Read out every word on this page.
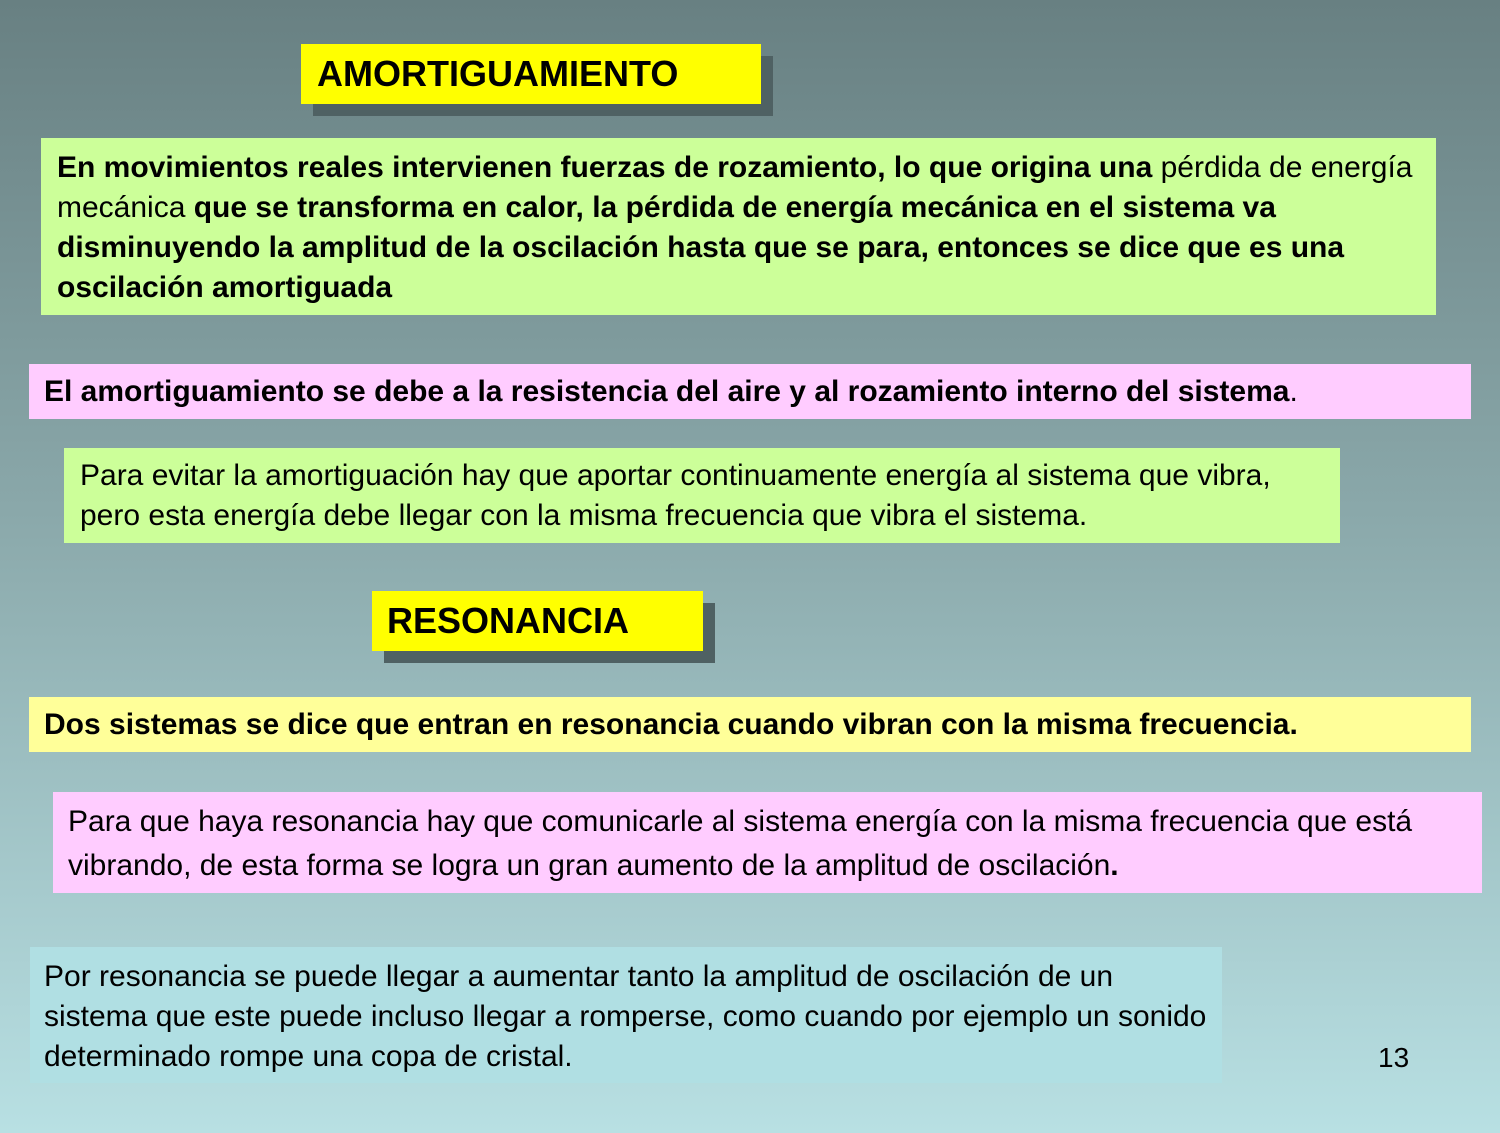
AMORTIGUAMIENTO
En movimientos reales intervienen fuerzas de rozamiento, lo que origina una pérdida de energía mecánica que se transforma en calor, la pérdida de energía mecánica en el sistema va disminuyendo la amplitud de la oscilación hasta que se para, entonces se dice que es una oscilación amortiguada
El amortiguamiento se debe a la resistencia del aire y al rozamiento interno del sistema.
Para evitar la amortiguación hay que aportar continuamente energía al sistema que vibra, pero esta energía debe llegar con la misma frecuencia que vibra el sistema.
RESONANCIA
Dos sistemas se dice que entran en resonancia cuando vibran con la misma frecuencia.
Para que haya resonancia hay que comunicarle al sistema energía con la misma frecuencia que está vibrando, de esta forma se logra un gran aumento de la amplitud de oscilación.
Por resonancia se puede llegar a aumentar tanto la amplitud de oscilación de un sistema que este puede incluso llegar a romperse, como cuando por ejemplo un sonido determinado rompe una copa de cristal.	13
